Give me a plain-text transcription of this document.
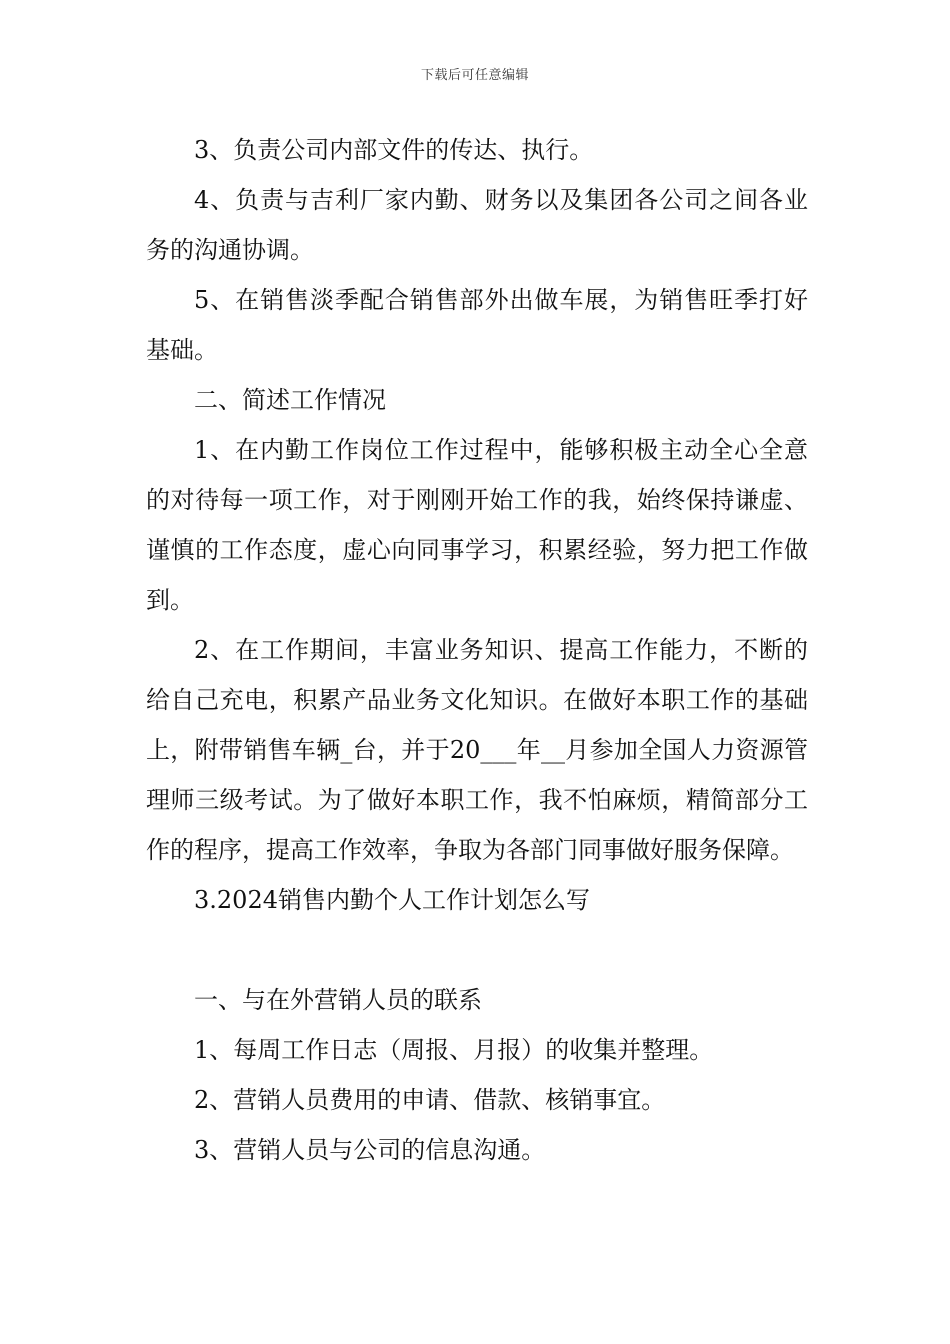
下载后可任意编辑

3、负责公司内部文件的传达、执行。

4、负责与吉利厂家内勤、财务以及集团各公司之间各业务的沟通协调。

5、在销售淡季配合销售部外出做车展，为销售旺季打好基础。

二、简述工作情况

1、在内勤工作岗位工作过程中，能够积极主动全心全意的对待每一项工作，对于刚刚开始工作的我，始终保持谦虚、谨慎的工作态度，虚心向同事学习，积累经验，努力把工作做到。

2、在工作期间，丰富业务知识、提高工作能力，不断的给自己充电，积累产品业务文化知识。在做好本职工作的基础上，附带销售车辆_台，并于20___年__月参加全国人力资源管理师三级考试。为了做好本职工作，我不怕麻烦，精简部分工作的程序，提高工作效率，争取为各部门同事做好服务保障。

3.2024销售内勤个人工作计划怎么写

一、与在外营销人员的联系

1、每周工作日志（周报、月报）的收集并整理。

2、营销人员费用的申请、借款、核销事宜。

3、营销人员与公司的信息沟通。
